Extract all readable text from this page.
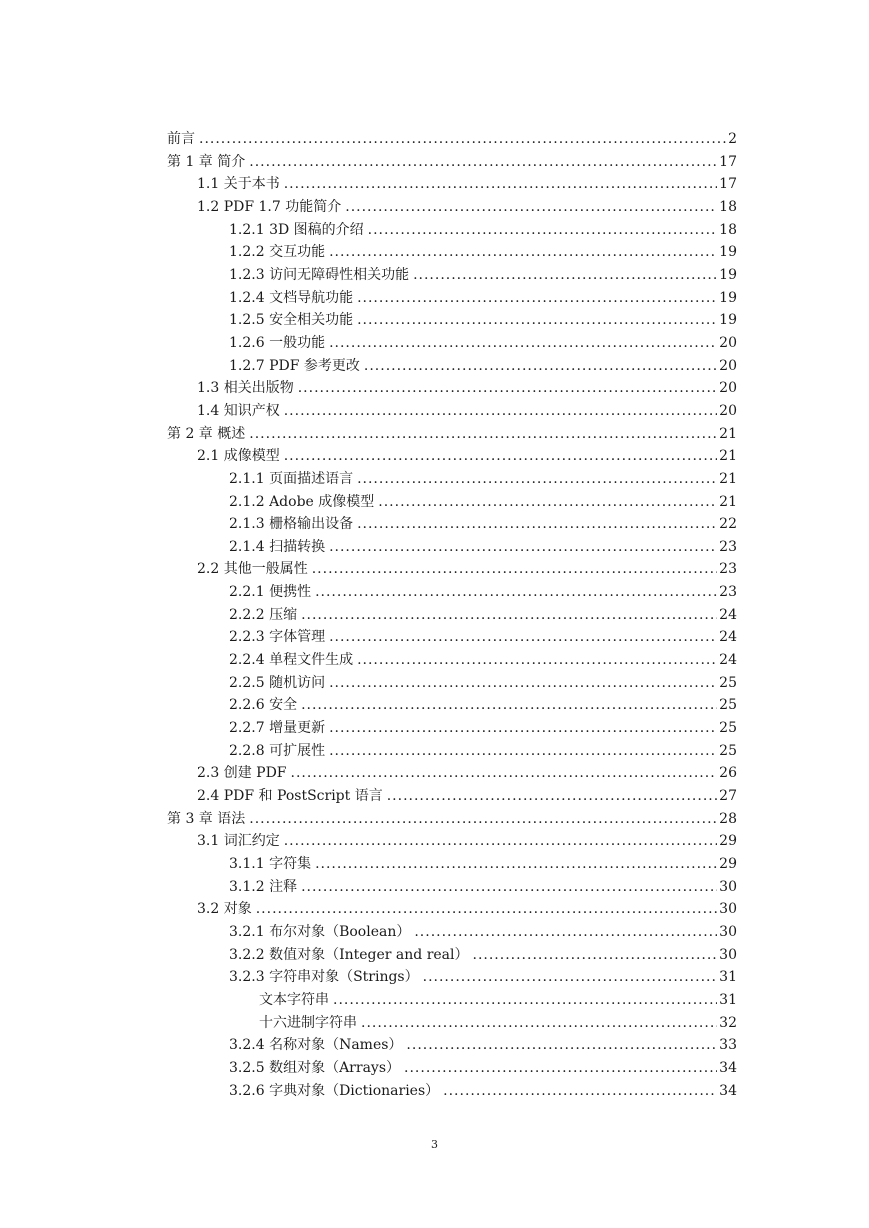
前言 .....	2
第 1 章 简介 .....	17
1.1 关于本书 .....	17
1.2 PDF 1.7 功能简介 .....	18
1.2.1 3D 图稿的介绍 .....	18
1.2.2 交互功能 .....	19
1.2.3 访问无障碍性相关功能 .....	19
1.2.4 文档导航功能 .....	19
1.2.5 安全相关功能 .....	19
1.2.6 一般功能 .....	20
1.2.7 PDF 参考更改 .....	20
1.3 相关出版物 .....	20
1.4 知识产权 .....	20
第 2 章 概述 .....	21
2.1 成像模型 .....	21
2.1.1 页面描述语言 .....	21
2.1.2 Adobe 成像模型 .....	21
2.1.3 栅格输出设备 .....	22
2.1.4 扫描转换 .....	23
2.2 其他一般属性 .....	23
2.2.1 便携性 .....	23
2.2.2 压缩 .....	24
2.2.3 字体管理 .....	24
2.2.4 单程文件生成 .....	24
2.2.5 随机访问 .....	25
2.2.6 安全 .....	25
2.2.7 增量更新 .....	25
2.2.8 可扩展性 .....	25
2.3 创建 PDF .....	26
2.4 PDF 和 PostScript 语言 .....	27
第 3 章 语法 .....	28
3.1 词汇约定 .....	29
3.1.1 字符集 .....	29
3.1.2 注释 .....	30
3.2 对象 .....	30
3.2.1 布尔对象（Boolean） .....	30
3.2.2 数值对象（Integer and real） .....	30
3.2.3 字符串对象（Strings） .....	31
文本字符串 .....	31
十六进制字符串 .....	32
3.2.4 名称对象（Names） .....	33
3.2.5 数组对象（Arrays） .....	34
3.2.6 字典对象（Dictionaries） .....	34
3
